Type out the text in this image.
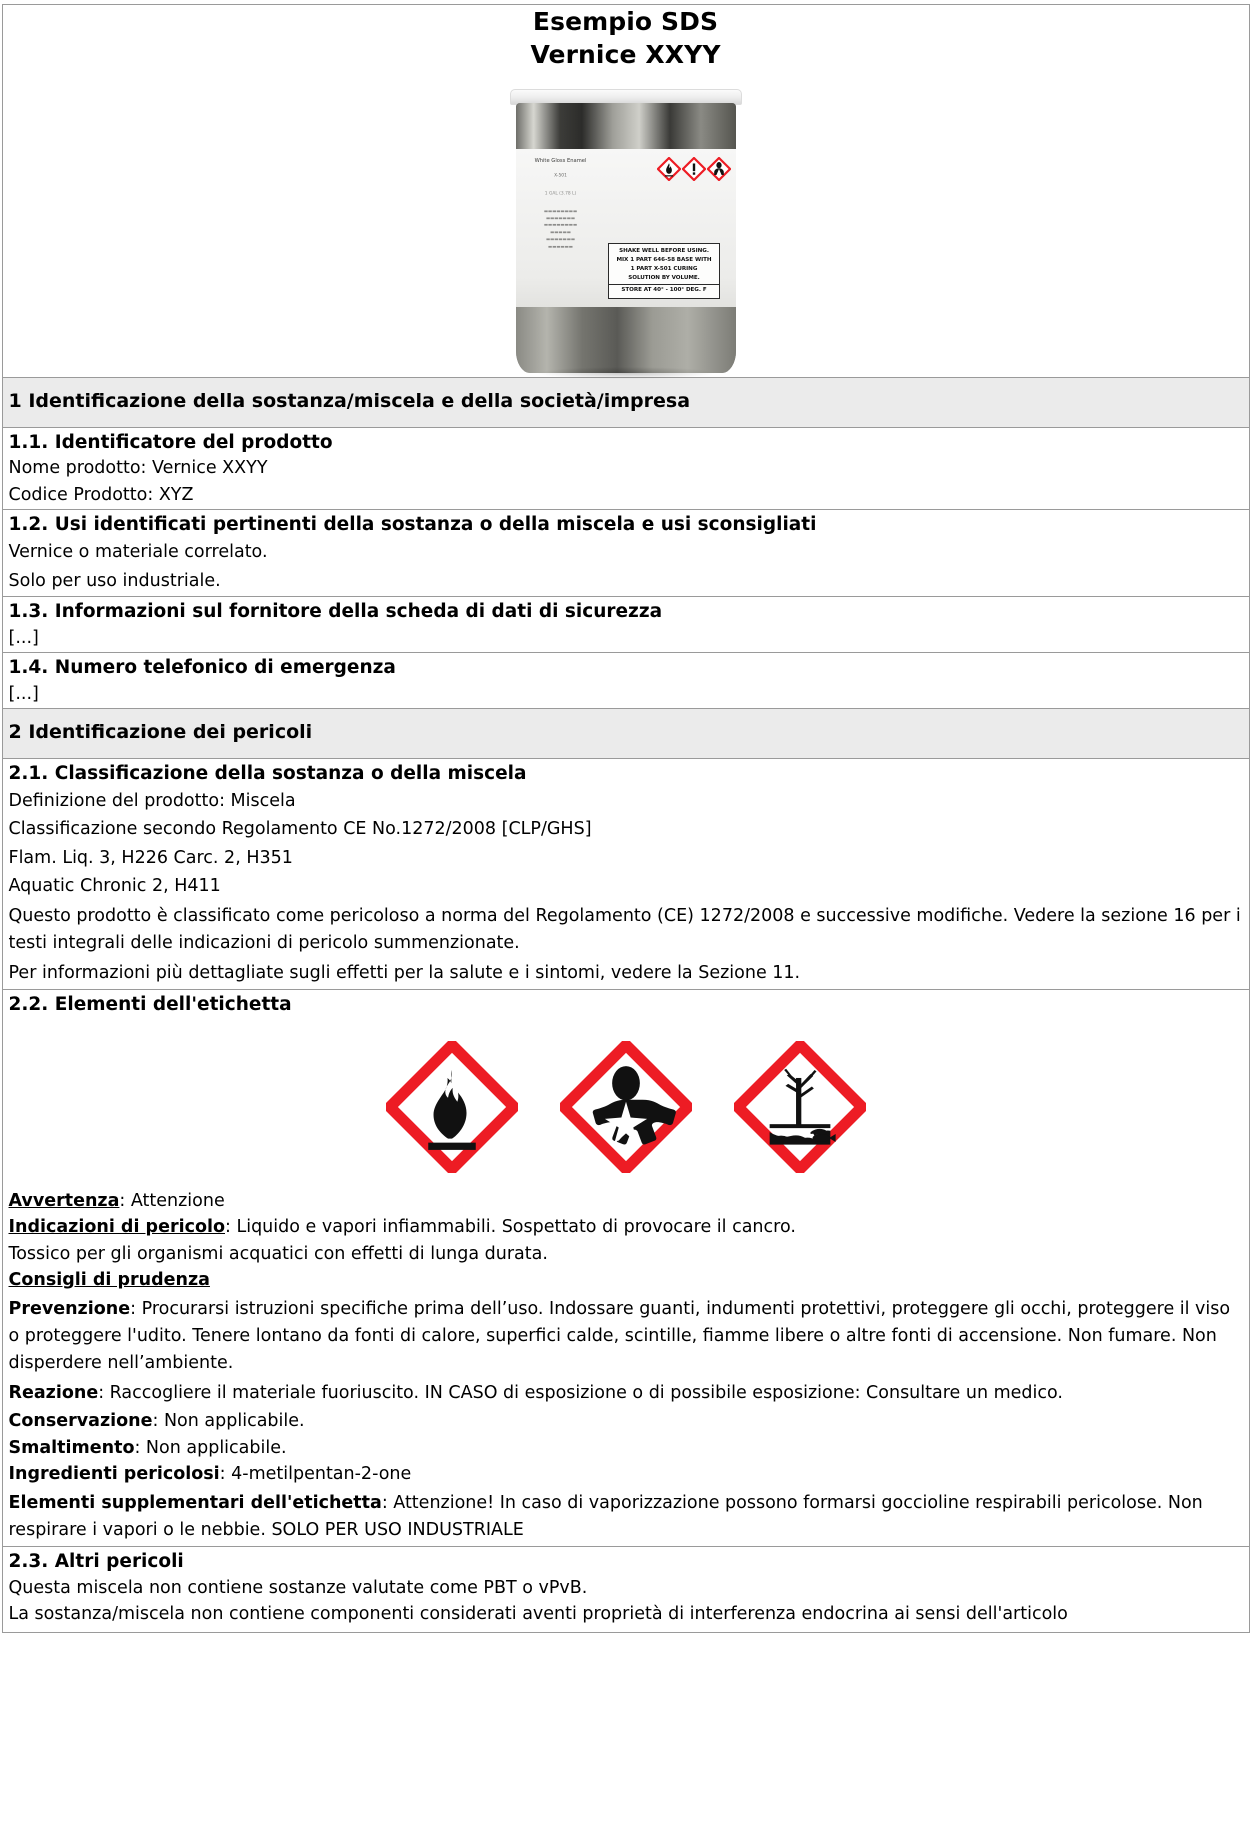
Esempio SDS
Vernice XXYY
White Gloss Enamel
X-501
1 GAL (3.78 L)
▬▬▬▬▬▬▬▬
▬▬▬▬▬▬▬
▬▬▬▬▬▬▬▬
▬▬▬▬▬
▬▬▬▬▬▬▬
▬▬▬▬▬▬
SHAKE WELL BEFORE USING.
MIX 1 PART 646-58 BASE WITH
1 PART X-501 CURING
SOLUTION BY VOLUME.
STORE AT 40° - 100° DEG. F

1 Identificazione della sostanza/miscela e della società/impresa

1.1. Identificatore del prodotto
Nome prodotto: Vernice XXYY
Codice Prodotto: XYZ

1.2. Usi identificati pertinenti della sostanza o della miscela e usi sconsigliati
Vernice o materiale correlato.
Solo per uso industriale.

1.3. Informazioni sul fornitore della scheda di dati di sicurezza
[...]

1.4. Numero telefonico di emergenza
[...]

2 Identificazione dei pericoli

2.1. Classificazione della sostanza o della miscela
Definizione del prodotto: Miscela
Classificazione secondo Regolamento CE No.1272/2008 [CLP/GHS]
Flam. Liq. 3, H226 Carc. 2, H351
Aquatic Chronic 2, H411
Questo prodotto è classificato come pericoloso a norma del Regolamento (CE) 1272/2008 e successive modifiche. Vedere la sezione 16 per i testi integrali delle indicazioni di pericolo summenzionate.
Per informazioni più dettagliate sugli effetti per la salute e i sintomi, vedere la Sezione 11.

2.2. Elementi dell'etichetta
Avvertenza: Attenzione
Indicazioni di pericolo: Liquido e vapori infiammabili. Sospettato di provocare il cancro.
Tossico per gli organismi acquatici con effetti di lunga durata.
Consigli di prudenza
Prevenzione: Procurarsi istruzioni specifiche prima dell’uso. Indossare guanti, indumenti protettivi, proteggere gli occhi, proteggere il viso o proteggere l'udito. Tenere lontano da fonti di calore, superfici calde, scintille, fiamme libere o altre fonti di accensione. Non fumare. Non disperdere nell’ambiente.
Reazione: Raccogliere il materiale fuoriuscito. IN CASO di esposizione o di possibile esposizione: Consultare un medico.
Conservazione: Non applicabile.
Smaltimento: Non applicabile.
Ingredienti pericolosi: 4-metilpentan-2-one
Elementi supplementari dell'etichetta: Attenzione! In caso di vaporizzazione possono formarsi goccioline respirabili pericolose. Non respirare i vapori o le nebbie. SOLO PER USO INDUSTRIALE

2.3. Altri pericoli
Questa miscela non contiene sostanze valutate come PBT o vPvB.
La sostanza/miscela non contiene componenti considerati aventi proprietà di interferenza endocrina ai sensi dell'articolo
